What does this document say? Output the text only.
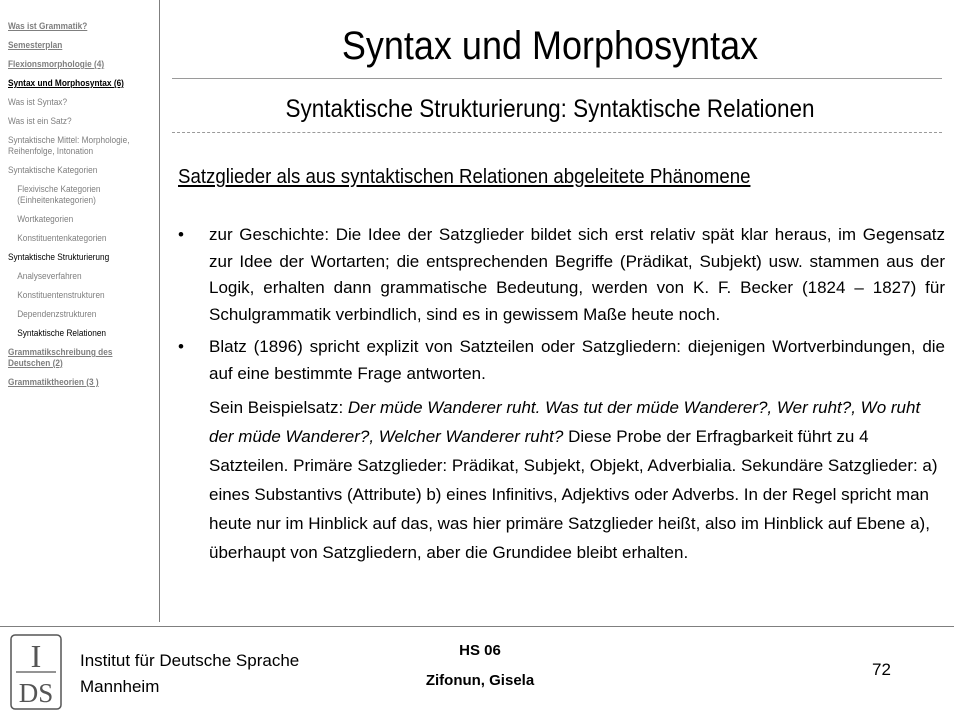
Was ist Grammatik?
Semesterplan
Flexionsmorphologie (4)
Syntax und Morphosyntax (6)
Was ist Syntax?
Was ist ein Satz?
Syntaktische Mittel: Morphologie, Reihenfolge, Intonation
Syntaktische Kategorien
Flexivische Kategorien (Einheitenkategorien)
Wortkategorien
Konstituentenkategorien
Syntaktische Strukturierung
Analyseverfahren
Konstituentenstrukturen
Dependenzstrukturen
Syntaktische Relationen
Grammatikschreibung des Deutschen (2)
Grammatiktheorien (3 )
Syntax und Morphosyntax
Syntaktische Strukturierung: Syntaktische Relationen
Satzglieder als aus syntaktischen Relationen abgeleitete Phänomene
• zur Geschichte: Die Idee der Satzglieder bildet sich erst relativ spät klar heraus, im Gegensatz zur Idee der Wortarten; die entsprechenden Begriffe (Prädikat, Subjekt) usw. stammen aus der Logik, erhalten dann grammatische Bedeutung, werden von K. F. Becker (1824 – 1827) für Schulgrammatik verbindlich, sind es in gewissem Maße heute noch.
• Blatz (1896) spricht explizit von Satzteilen oder Satzgliedern: diejenigen Wortverbindungen, die auf eine bestimmte Frage antworten.
Sein Beispielsatz: Der müde Wanderer ruht. Was tut der müde Wanderer?, Wer ruht?, Wo ruht der müde Wanderer?, Welcher Wanderer ruht? Diese Probe der Erfragbarkeit führt zu 4 Satzteilen. Primäre Satzglieder: Prädikat, Subjekt, Objekt, Adverbialia. Sekundäre Satzglieder: a) eines Substantivs (Attribute) b) eines Infinitivs, Adjektivs oder Adverbs. In der Regel spricht man heute nur im Hinblick auf das, was hier primäre Satzglieder heißt, also im Hinblick auf Ebene a), überhaupt von Satzgliedern, aber die Grundidee bleibt erhalten.
I
DS
Institut für Deutsche Sprache
Mannheim
HS 06
Zifonun, Gisela
72
